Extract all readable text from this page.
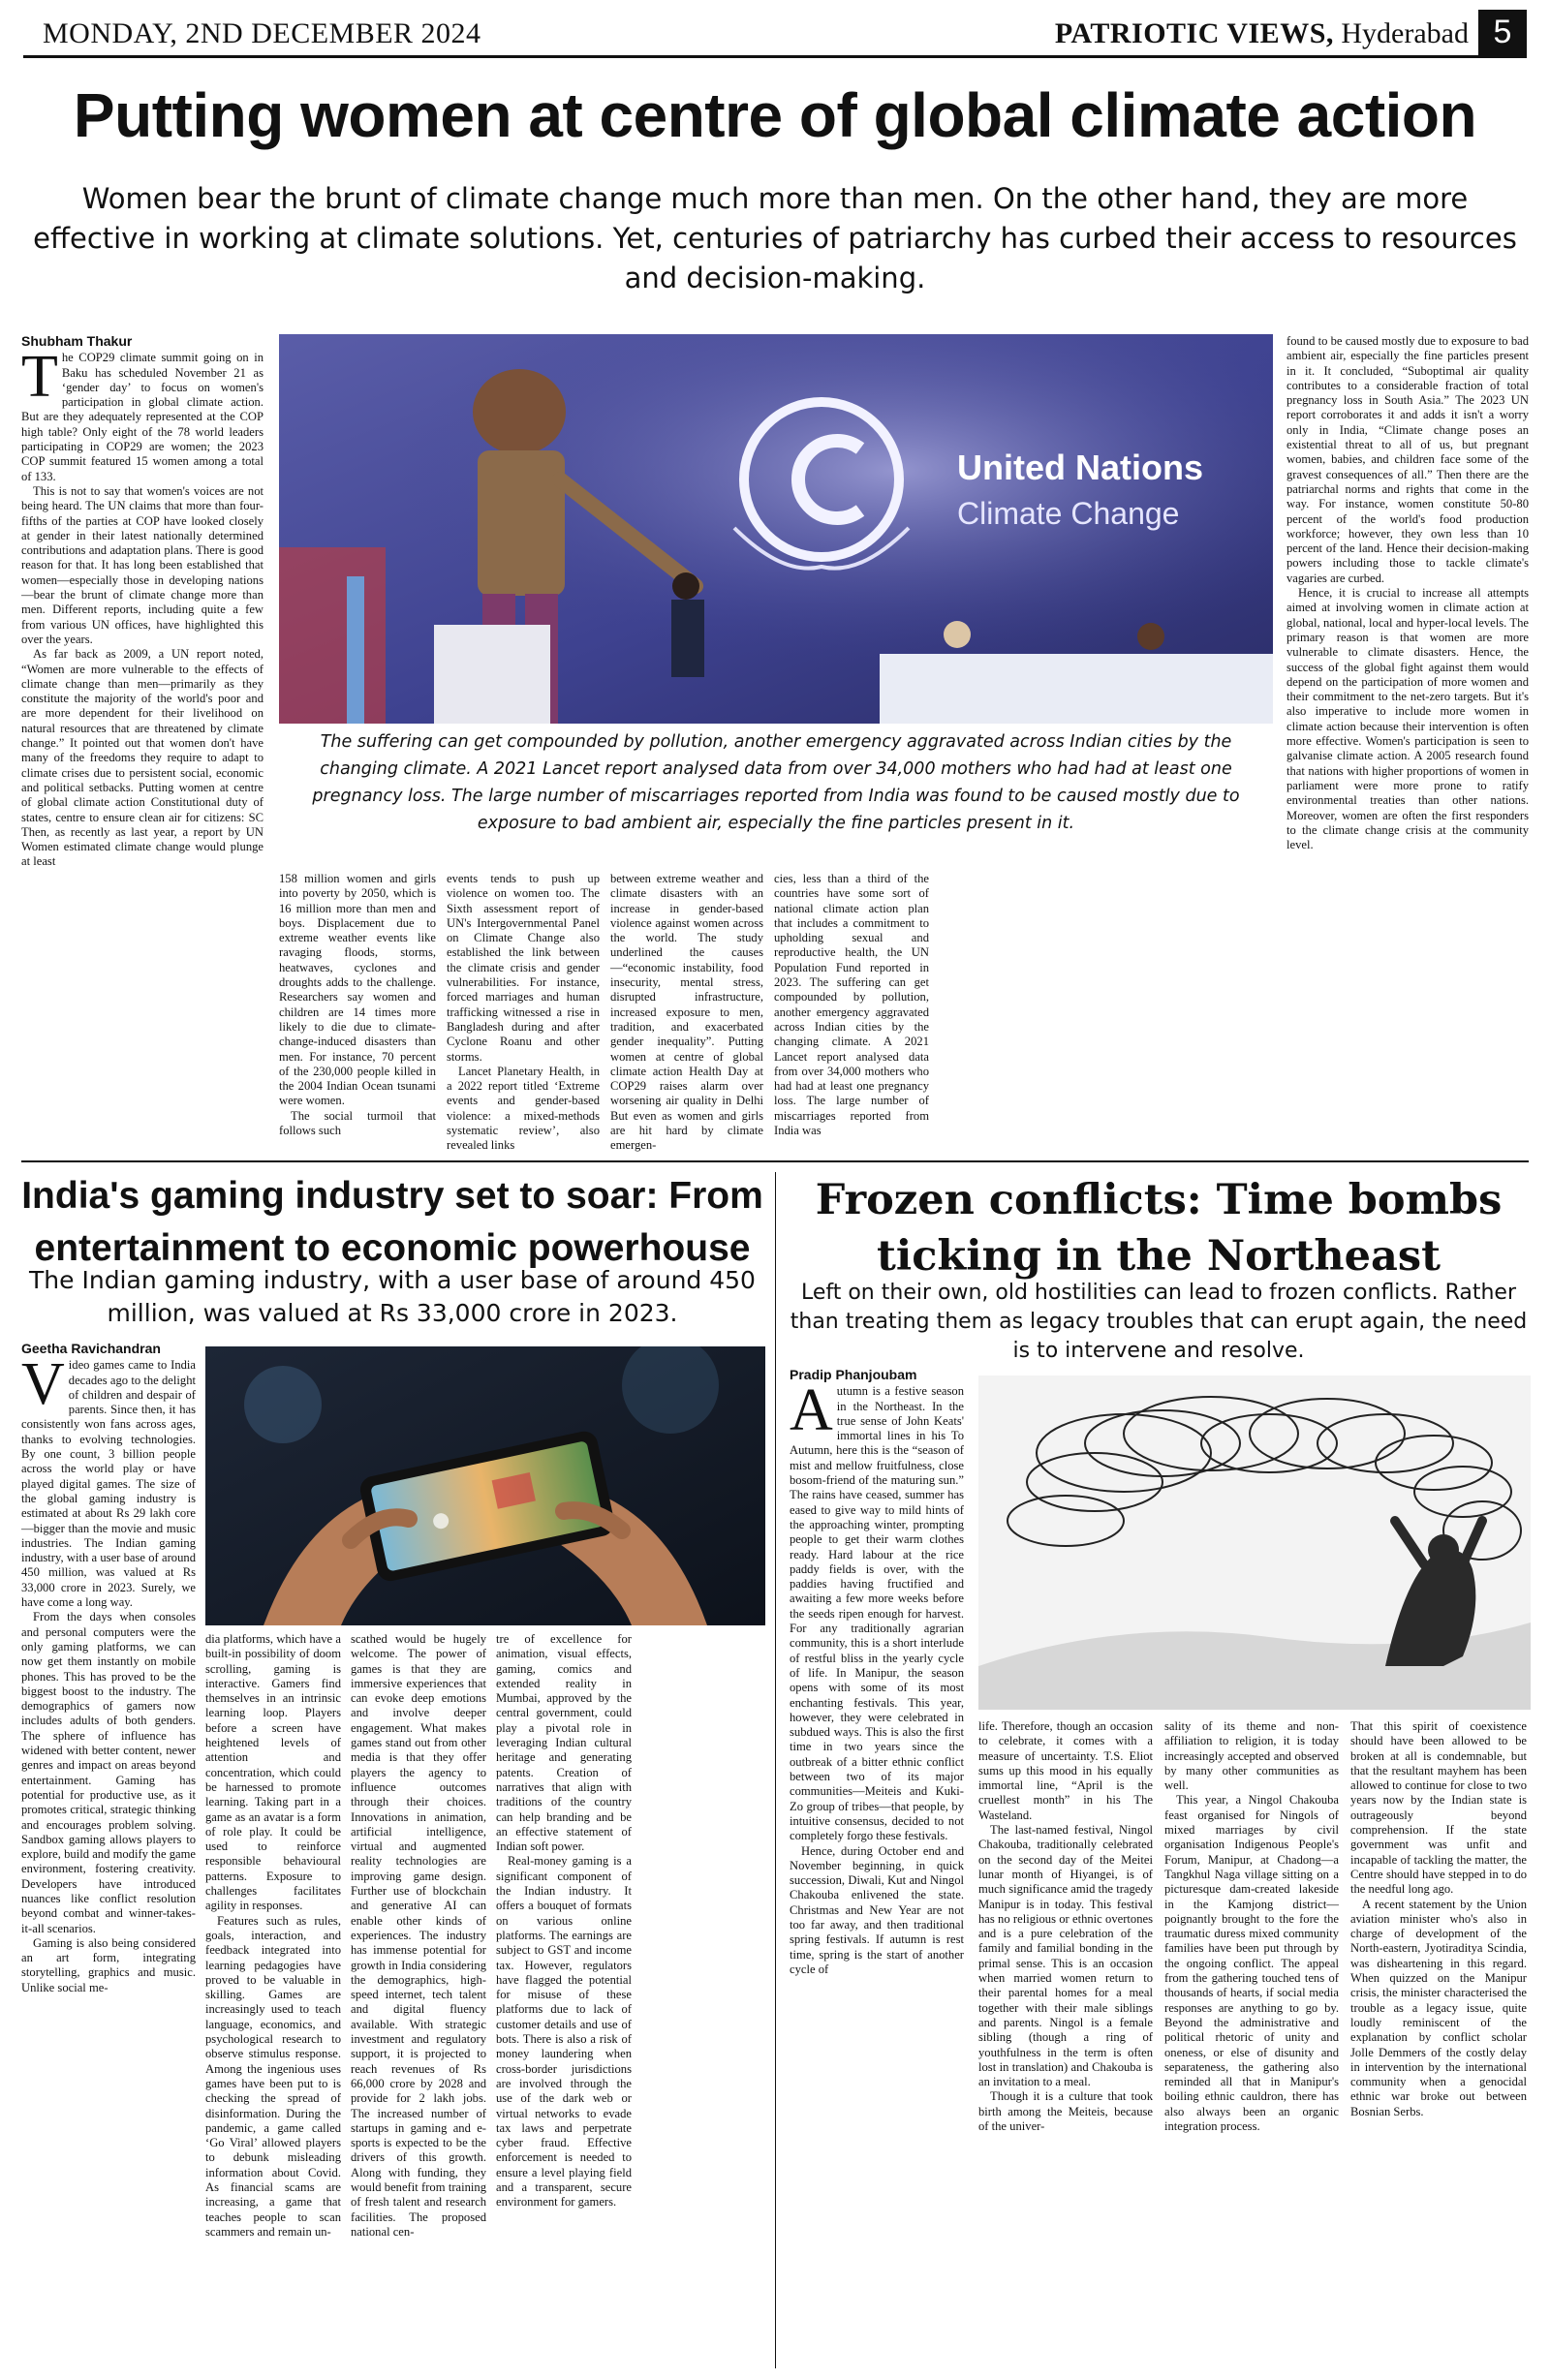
MONDAY, 2ND DECEMBER 2024	PATRIOTIC VIEWS, Hyderabad 5
Putting women at centre of global climate action
Women bear the brunt of climate change much more than men. On the other hand, they are more effective in working at climate solutions. Yet, centuries of patriarchy has curbed their access to resources and decision-making.
Shubham Thakur

The COP29 climate summit going on in Baku has scheduled November 21 as ‘gender day’ to focus on women's participation in global climate action. But are they adequately represented at the COP high table? Only eight of the 78 world leaders participating in COP29 are women; the 2023 COP summit featured 15 women among a total of 133.

This is not to say that women's voices are not being heard. The UN claims that more than four-fifths of the parties at COP have looked closely at gender in their latest nationally determined contributions and adaptation plans. There is good reason for that. It has long been established that women—especially those in developing nations—bear the brunt of climate change more than men. Different reports, including quite a few from various UN offices, have highlighted this over the years.

As far back as 2009, a UN report noted, “Women are more vulnerable to the effects of climate change than men—primarily as they constitute the majority of the world's poor and are more dependent for their livelihood on natural resources that are threatened by climate change.” It pointed out that women don't have many of the freedoms they require to adapt to climate crises due to persistent social, economic and political setbacks. Putting women at centre of global climate action Constitutional duty of states, centre to ensure clean air for citizens: SC Then, as recently as last year, a report by UN Women estimated climate change would plunge at least

United Nations
Climate Change
The suffering can get compounded by pollution, another emergency aggravated across Indian cities by the changing climate. A 2021 Lancet report analysed data from over 34,000 mothers who had had at least one pregnancy loss. The large number of miscarriages reported from India was found to be caused mostly due to exposure to bad ambient air, especially the fine particles present in it.

158 million women and girls into poverty by 2050, which is 16 million more than men and boys. Displacement due to extreme weather events like ravaging floods, storms, heatwaves, cyclones and droughts adds to the challenge. Researchers say women and children are 14 times more likely to die due to climate-change-induced disasters than men. For instance, 70 percent of the 230,000 people killed in the 2004 Indian Ocean tsunami were women.

The social turmoil that follows such

events tends to push up violence on women too. The Sixth assessment report of UN's Intergovernmental Panel on Climate Change also established the link between the climate crisis and gender vulnerabilities. For instance, forced marriages and human trafficking witnessed a rise in Bangladesh during and after Cyclone Roanu and other storms.

Lancet Planetary Health, in a 2022 report titled ‘Extreme events and gender-based violence: a mixed-methods systematic review’, also revealed links

between extreme weather and climate disasters with an increase in gender-based violence against women across the world. The study underlined the causes—“economic instability, food insecurity, mental stress, disrupted infrastructure, increased exposure to men, tradition, and exacerbated gender inequality”. Putting women at centre of global climate action Health Day at COP29 raises alarm over worsening air quality in Delhi But even as women and girls are hit hard by climate emergen-

cies, less than a third of the countries have some sort of national climate action plan that includes a commitment to upholding sexual and reproductive health, the UN Population Fund reported in 2023. The suffering can get compounded by pollution, another emergency aggravated across Indian cities by the changing climate. A 2021 Lancet report analysed data from over 34,000 mothers who had had at least one pregnancy loss. The large number of miscarriages reported from India was

found to be caused mostly due to exposure to bad ambient air, especially the fine particles present in it. It concluded, “Suboptimal air quality contributes to a considerable fraction of total pregnancy loss in South Asia.” The 2023 UN report corroborates it and adds it isn't a worry only in India, “Climate change poses an existential threat to all of us, but pregnant women, babies, and children face some of the gravest consequences of all.” Then there are the patriarchal norms and rights that come in the way. For instance, women constitute 50-80 percent of the world's food production workforce; however, they own less than 10 percent of the land. Hence their decision-making powers including those to tackle climate's vagaries are curbed.

Hence, it is crucial to increase all attempts aimed at involving women in climate action at global, national, local and hyper-local levels. The primary reason is that women are more vulnerable to climate disasters. Hence, the success of the global fight against them would depend on the participation of more women and their commitment to the net-zero targets. But it's also imperative to include more women in climate action because their intervention is often more effective. Women's participation is seen to galvanise climate action. A 2005 research found that nations with higher proportions of women in parliament were more prone to ratify environmental treaties than other nations. Moreover, women are often the first responders to the climate change crisis at the community level.

India's gaming industry set to soar: From entertainment to economic powerhouse
The Indian gaming industry, with a user base of around 450 million, was valued at Rs 33,000 crore in 2023.
Geetha Ravichandran

Video games came to India decades ago to the delight of children and despair of parents. Since then, it has consistently won fans across ages, thanks to evolving technologies. By one count, 3 billion people across the world play or have played digital games. The size of the global gaming industry is estimated at about Rs 29 lakh core—bigger than the movie and music industries. The Indian gaming industry, with a user base of around 450 million, was valued at Rs 33,000 crore in 2023. Surely, we have come a long way.

From the days when consoles and personal computers were the only gaming platforms, we can now get them instantly on mobile phones. This has proved to be the biggest boost to the industry. The demographics of gamers now includes adults of both genders. The sphere of influence has widened with better content, newer genres and impact on areas beyond entertainment. Gaming has potential for productive use, as it promotes critical, strategic thinking and encourages problem solving. Sandbox gaming allows players to explore, build and modify the game environment, fostering creativity. Developers have introduced nuances like conflict resolution beyond combat and winner-takes-it-all scenarios.

Gaming is also being considered an art form, integrating storytelling, graphics and music. Unlike social me-

dia platforms, which have a built-in possibility of doom scrolling, gaming is interactive. Gamers find themselves in an intrinsic learning loop. Players before a screen have heightened levels of attention and concentration, which could be harnessed to promote learning. Taking part in a game as an avatar is a form of role play. It could be used to reinforce responsible behavioural patterns. Exposure to challenges facilitates agility in responses.

Features such as rules, goals, interaction, and feedback integrated into learning pedagogies have proved to be valuable in skilling. Games are increasingly used to teach language, economics, and psychological research to observe stimulus response. Among the ingenious uses games have been put to is checking the spread of disinformation. During the pandemic, a game called ‘Go Viral’ allowed players to debunk misleading information about Covid. As financial scams are increasing, a game that teaches people to scan scammers and remain un-

scathed would be hugely welcome. The power of games is that they are immersive experiences that can evoke deep emotions and involve deeper engagement. What makes games stand out from other media is that they offer players the agency to influence outcomes through their choices. Innovations in animation, artificial intelligence, virtual and augmented reality technologies are improving game design. Further use of blockchain and generative AI can enable other kinds of experiences. The industry has immense potential for growth in India considering the demographics, high-speed internet, tech talent and digital fluency available. With strategic investment and regulatory support, it is projected to reach revenues of Rs 66,000 crore by 2028 and provide for 2 lakh jobs. The increased number of startups in gaming and e-sports is expected to be the drivers of this growth. Along with funding, they would benefit from training of fresh talent and research facilities. The proposed national cen-

tre of excellence for animation, visual effects, gaming, comics and extended reality in Mumbai, approved by the central government, could play a pivotal role in leveraging Indian cultural heritage and generating patents. Creation of narratives that align with traditions of the country can help branding and be an effective statement of Indian soft power.

Real-money gaming is a significant component of the Indian industry. It offers a bouquet of formats on various online platforms. The earnings are subject to GST and income tax. However, regulators have flagged the potential for misuse of these platforms due to lack of customer details and use of bots. There is also a risk of money laundering when cross-border jurisdictions are involved through the use of the dark web or virtual networks to evade tax laws and perpetrate cyber fraud. Effective enforcement is needed to ensure a level playing field and a transparent, secure environment for gamers.

Frozen conflicts: Time bombs ticking in the Northeast
Left on their own, old hostilities can lead to frozen conflicts. Rather than treating them as legacy troubles that can erupt again, the need is to intervene and resolve.
Pradip Phanjoubam

Autumn is a festive season in the Northeast. In the true sense of John Keats' immortal lines in his To Autumn, here this is the “season of mist and mellow fruitfulness, close bosom-friend of the maturing sun.” The rains have ceased, summer has eased to give way to mild hints of the approaching winter, prompting people to get their warm clothes ready. Hard labour at the rice paddy fields is over, with the paddies having fructified and awaiting a few more weeks before the seeds ripen enough for harvest. For any traditionally agrarian community, this is a short interlude of restful bliss in the yearly cycle of life. In Manipur, the season opens with some of its most enchanting festivals. This year, however, they were celebrated in subdued ways. This is also the first time in two years since the outbreak of a bitter ethnic conflict between two of its major communities—Meiteis and Kuki-Zo group of tribes—that people, by intuitive consensus, decided to not completely forgo these festivals.

Hence, during October end and November beginning, in quick succession, Diwali, Kut and Ningol Chakouba enlivened the state. Christmas and New Year are not too far away, and then traditional spring festivals. If autumn is rest time, spring is the start of another cycle of

life. Therefore, though an occasion to celebrate, it comes with a measure of uncertainty. T.S. Eliot sums up this mood in his equally immortal line, “April is the cruellest month” in his The Wasteland.

The last-named festival, Ningol Chakouba, traditionally celebrated on the second day of the Meitei lunar month of Hiyangei, is of much significance amid the tragedy Manipur is in today. This festival has no religious or ethnic overtones and is a pure celebration of the family and familial bonding in the primal sense. This is an occasion when married women return to their parental homes for a meal together with their male siblings and parents. Ningol is a female sibling (though a ring of youthfulness in the term is often lost in translation) and Chakouba is an invitation to a meal.

Though it is a culture that took birth among the Meiteis, because of the univer-

sality of its theme and non-affiliation to religion, it is today increasingly accepted and observed by many other communities as well.

This year, a Ningol Chakouba feast organised for Ningols of mixed marriages by civil organisation Indigenous People's Forum, Manipur, at Chadong—a Tangkhul Naga village sitting on a picturesque dam-created lakeside in the Kamjong district—poignantly brought to the fore the traumatic duress mixed community families have been put through by the ongoing conflict. The appeal from the gathering touched tens of thousands of hearts, if social media responses are anything to go by. Beyond the administrative and political rhetoric of unity and oneness, or else of disunity and separateness, the gathering also reminded all that in Manipur's boiling ethnic cauldron, there has also always been an organic integration process.

That this spirit of coexistence should have been allowed to be broken at all is condemnable, but that the resultant mayhem has been allowed to continue for close to two years now by the Indian state is outrageously beyond comprehension. If the state government was unfit and incapable of tackling the matter, the Centre should have stepped in to do the needful long ago.

A recent statement by the Union aviation minister who's also in charge of development of the North-eastern, Jyotiraditya Scindia, was disheartening in this regard. When quizzed on the Manipur crisis, the minister characterised the trouble as a legacy issue, quite loudly reminiscent of the explanation by conflict scholar Jolle Demmers of the costly delay in intervention by the international community when a genocidal ethnic war broke out between Bosnian Serbs.
